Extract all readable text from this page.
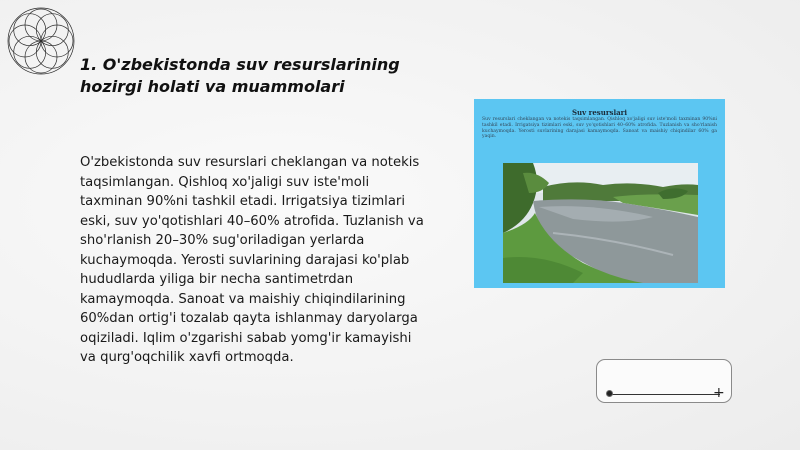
1. O'zbekistonda suv resurslarining
hozirgi holati va muammolari

O'zbekistonda suv resurslari cheklangan va notekis taqsimlangan. Qishloq xo'jaligi suv iste'moli taxminan 90%ni tashkil etadi. Irrigatsiya tizimlari eski, suv yo'qotishlari 40–60% atrofida. Tuzlanish va sho'rlanish 20–30% sug'oriladigan yerlarda kuchaymoqda. Yerosti suvlarining darajasi ko'plab hududlarda yiliga bir necha santimetrdan kamaymoqda. Sanoat va maishiy chiqindilarining 60%dan ortig'i tozalab qayta ishlanmay daryolarga oqiziladi. Iqlim o'zgarishi sabab yomg'ir kamayishi va qurg'oqchilik xavfi ortmoqda.

Suv resurslari
Suv resurslari cheklangan va notekis taqsimlangan. Qishloq xo'jaligi suv iste'moli taxminan 90%ni tashkil etadi. Irrigatsiya tizimlari eski, suv yo'qotishlari 40–60% atrofida. Tuzlanish va sho'rlanish kuchaymoqda. Yerosti suvlarining darajasi kamaymoqda. Sanoat va maishiy chiqindilar 60% ga yaqin.
+
